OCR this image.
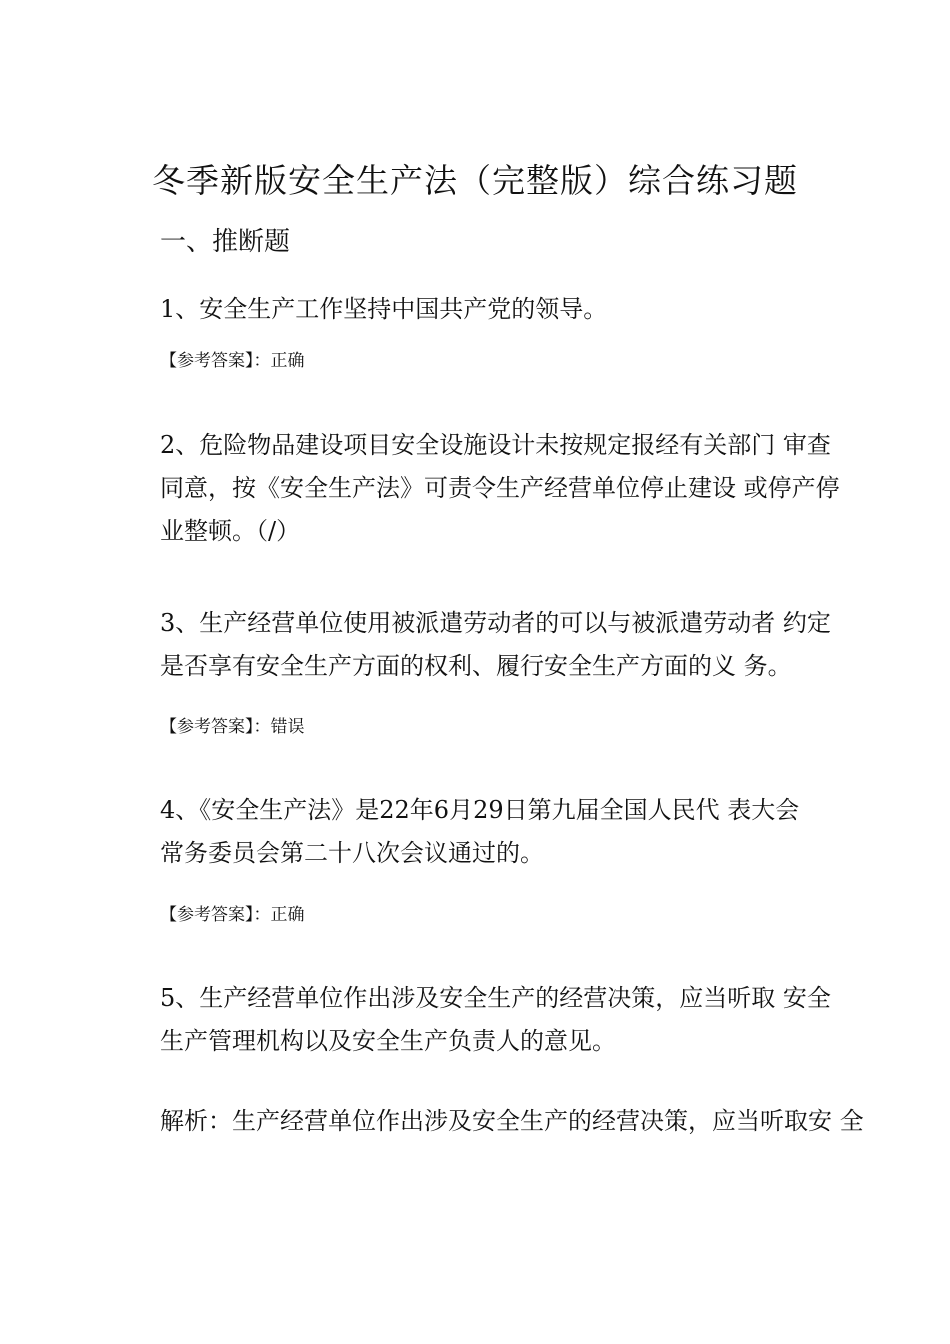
冬季新版安全生产法（完整版）综合练习题
一、推断题

1、安全生产工作坚持中国共产党的领导。

【参考答案】：正确

2、危险物品建设项目安全设施设计未按规定报经有关部门 审查
同意，按《安全生产法》可责令生产经营单位停止建设 或停产停
业整顿。（/）

3、生产经营单位使用被派遣劳动者的可以与被派遣劳动者 约定
是否享有安全生产方面的权利、履行安全生产方面的义 务。

【参考答案】：错误

4、《安全生产法》是22年6月29日第九届全国人民代 表大会
常务委员会第二十八次会议通过的。

【参考答案】：正确

5、生产经营单位作出涉及安全生产的经营决策，应当听取 安全
生产管理机构以及安全生产负责人的意见。

解析：生产经营单位作出涉及安全生产的经营决策，应当听取安 全
